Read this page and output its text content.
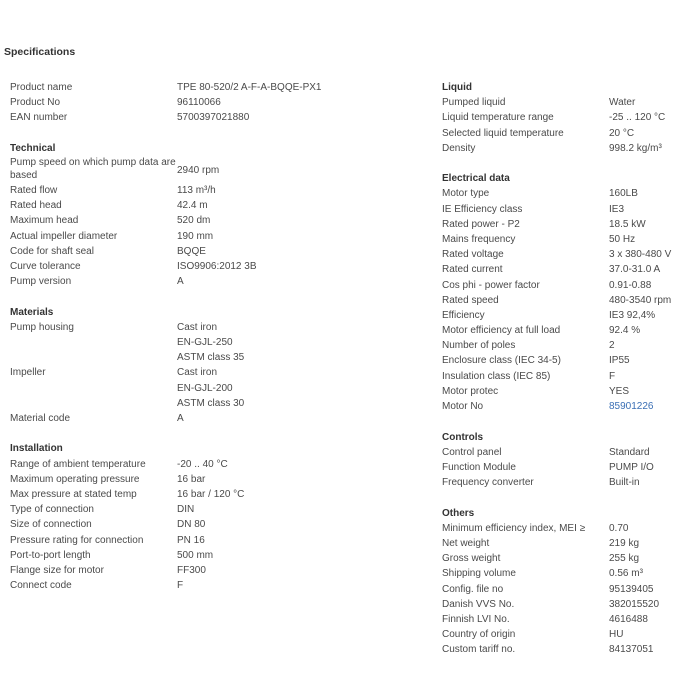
Specifications
Product name	TPE 80-520/2 A-F-A-BQQE-PX1
Product No	96110066
EAN number	5700397021880
Technical
Pump speed on which pump data are based	2940 rpm
Rated flow	113 m³/h
Rated head	42.4 m
Maximum head	520 dm
Actual impeller diameter	190 mm
Code for shaft seal	BQQE
Curve tolerance	ISO9906:2012 3B
Pump version	A
Materials
Pump housing	Cast iron
EN-GJL-250
ASTM class 35
Impeller	Cast iron
EN-GJL-200
ASTM class 30
Material code	A
Installation
Range of ambient temperature	-20 .. 40 °C
Maximum operating pressure	16 bar
Max pressure at stated temp	16 bar / 120 °C
Type of connection	DIN
Size of connection	DN 80
Pressure rating for connection	PN 16
Port-to-port length	500 mm
Flange size for motor	FF300
Connect code	F
Liquid
Pumped liquid	Water
Liquid temperature range	-25 .. 120 °C
Selected liquid temperature	20 °C
Density	998.2 kg/m³
Electrical data
Motor type	160LB
IE Efficiency class	IE3
Rated power - P2	18.5 kW
Mains frequency	50 Hz
Rated voltage	3 x 380-480 V
Rated current	37.0-31.0 A
Cos phi - power factor	0.91-0.88
Rated speed	480-3540 rpm
Efficiency	IE3 92,4%
Motor efficiency at full load	92.4 %
Number of poles	2
Enclosure class (IEC 34-5)	IP55
Insulation class (IEC 85)	F
Motor protec	YES
Motor No	85901226
Controls
Control panel	Standard
Function Module	PUMP I/O
Frequency converter	Built-in
Others
Minimum efficiency index, MEI ≥	0.70
Net weight	219 kg
Gross weight	255 kg
Shipping volume	0.56 m³
Config. file no	95139405
Danish VVS No.	382015520
Finnish LVI No.	4616488
Country of origin	HU
Custom tariff no.	84137051
